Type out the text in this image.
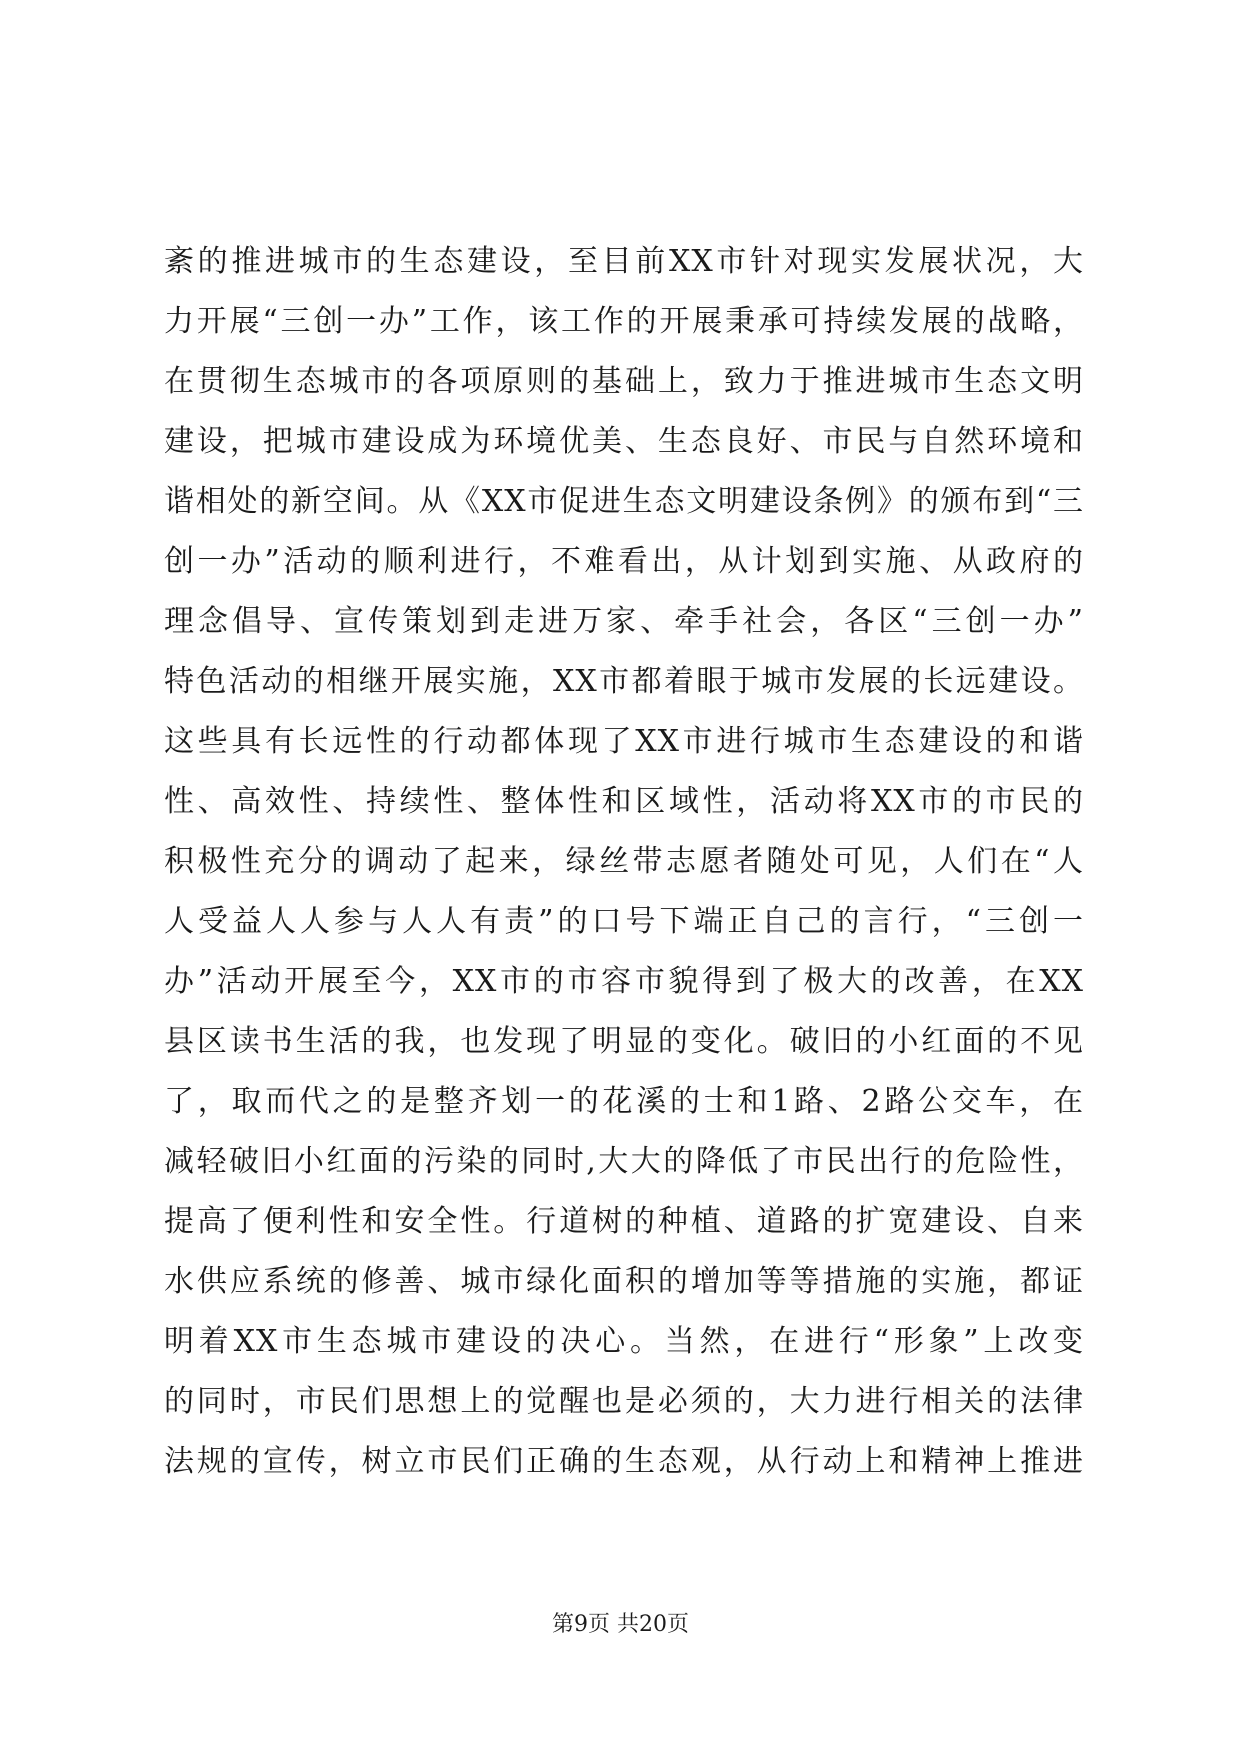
紊的推进城市的生态建设，至目前XX市针对现实发展状况，大
力开展“三创一办”工作，该工作的开展秉承可持续发展的战略，
在贯彻生态城市的各项原则的基础上，致力于推进城市生态文明
建设，把城市建设成为环境优美、生态良好、市民与自然环境和
谐相处的新空间。从《XX市促进生态文明建设条例》的颁布到“三
创一办”活动的顺利进行，不难看出，从计划到实施、从政府的
理念倡导、宣传策划到走进万家、牵手社会，各区“三创一办”
特色活动的相继开展实施，XX市都着眼于城市发展的长远建设。
这些具有长远性的行动都体现了XX市进行城市生态建设的和谐
性、高效性、持续性、整体性和区域性，活动将XX市的市民的
积极性充分的调动了起来，绿丝带志愿者随处可见，人们在“人
人受益人人参与人人有责”的口号下端正自己的言行，“三创一
办”活动开展至今，XX市的市容市貌得到了极大的改善，在XX
县区读书生活的我，也发现了明显的变化。破旧的小红面的不见
了，取而代之的是整齐划一的花溪的士和1路、2路公交车，在
减轻破旧小红面的污染的同时,大大的降低了市民出行的危险性，
提高了便利性和安全性。行道树的种植、道路的扩宽建设、自来
水供应系统的修善、城市绿化面积的增加等等措施的实施，都证
明着XX市生态城市建设的决心。当然，在进行“形象”上改变
的同时，市民们思想上的觉醒也是必须的，大力进行相关的法律
法规的宣传，树立市民们正确的生态观，从行动上和精神上推进
第9页 共20页
